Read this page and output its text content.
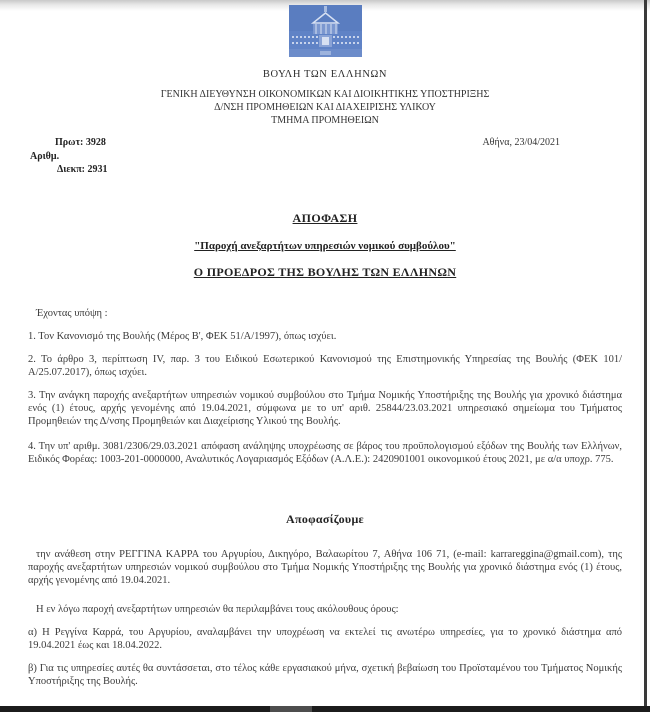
ΒΟΥΛΗ ΤΩΝ ΕΛΛΗΝΩΝ
ΓΕΝΙΚΗ ΔΙΕΥΘΥΝΣΗ ΟΙΚΟΝΟΜΙΚΩΝ ΚΑΙ ΔΙΟΙΚΗΤΙΚΗΣ ΥΠΟΣΤΗΡΙΞΗΣ
Δ/ΝΣΗ ΠΡΟΜΗΘΕΙΩΝ ΚΑΙ ΔΙΑΧΕΙΡΙΣΗΣ ΥΛΙΚΟΥ
ΤΜΗΜΑ ΠΡΟΜΗΘΕΙΩΝ
Πρωτ: 3928
Αριθμ.
Διεκπ: 2931
Αθήνα, 23/04/2021
ΑΠΟΦΑΣΗ
"Παροχή ανεξαρτήτων υπηρεσιών νομικού συμβούλου"
Ο ΠΡΟΕΔΡΟΣ ΤΗΣ ΒΟΥΛΗΣ ΤΩΝ ΕΛΛΗΝΩΝ
Έχοντας υπόψη :
1. Τον Κανονισμό της Βουλής (Μέρος Β', ΦΕΚ 51/Α/1997), όπως ισχύει.
2. Το άρθρο 3, περίπτωση IV, παρ. 3 του Ειδικού Εσωτερικού Κανονισμού της Επιστημονικής Υπηρεσίας της Βουλής (ΦΕΚ 101/Α/25.07.2017), όπως ισχύει.
3. Την ανάγκη παροχής ανεξαρτήτων υπηρεσιών νομικού συμβούλου στο Τμήμα Νομικής Υποστήριξης της Βουλής για χρονικό διάστημα ενός (1) έτους, αρχής γενομένης από 19.04.2021, σύμφωνα με το υπ' αριθ. 25844/23.03.2021 υπηρεσιακό σημείωμα του Τμήματος Προμηθειών της Δ/νσης Προμηθειών και Διαχείρισης Υλικού της Βουλής.
4. Την υπ' αριθμ. 3081/2306/29.03.2021 απόφαση ανάληψης υποχρέωσης σε βάρος του προϋπολογισμού εξόδων της Βουλής των Ελλήνων, Ειδικός Φορέας: 1003-201-0000000, Αναλυτικός Λογαριασμός Εξόδων (Α.Λ.Ε.): 2420901001 οικονομικού έτους 2021, με α/α υποχρ. 775.
Αποφασίζουμε
την ανάθεση στην ΡΕΓΓΙΝΑ ΚΑΡΡΑ του Αργυρίου, Δικηγόρο, Βαλαωρίτου 7, Αθήνα 106 71, (e-mail: karrareggina@gmail.com), της παροχής ανεξαρτήτων υπηρεσιών νομικού συμβούλου στο Τμήμα Νομικής Υποστήριξης της Βουλής για χρονικό διάστημα ενός (1) έτους, αρχής γενομένης από 19.04.2021.
Η εν λόγω παροχή ανεξαρτήτων υπηρεσιών θα περιλαμβάνει τους ακόλουθους όρους:
α) Η Ρεγγίνα Καρρά, του Αργυρίου, αναλαμβάνει την υποχρέωση να εκτελεί τις ανωτέρω υπηρεσίες, για το χρονικό διάστημα από 19.04.2021 έως και 18.04.2022.
β) Για τις υπηρεσίες αυτές θα συντάσσεται, στο τέλος κάθε εργασιακού μήνα, σχετική βεβαίωση του Προϊσταμένου του Τμήματος Νομικής Υποστήριξης της Βουλής.
